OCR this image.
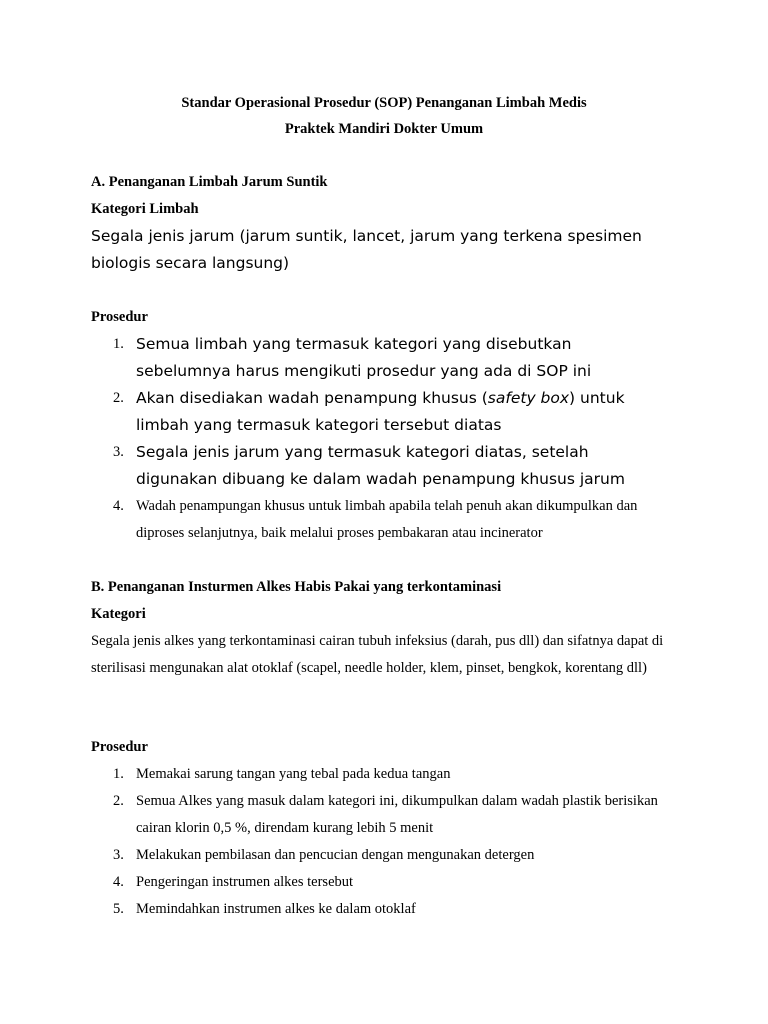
Standar Operasional Prosedur (SOP) Penanganan Limbah Medis
Praktek Mandiri Dokter Umum
A. Penanganan Limbah Jarum Suntik
Kategori Limbah
Segala jenis jarum (jarum suntik, lancet, jarum yang terkena spesimen biologis secara langsung)
Prosedur
1. Semua limbah yang termasuk kategori yang disebutkan sebelumnya harus mengikuti prosedur yang ada di SOP ini
2. Akan disediakan wadah penampung khusus (safety box) untuk limbah yang termasuk kategori tersebut diatas
3. Segala jenis jarum yang termasuk kategori diatas, setelah digunakan dibuang ke dalam wadah penampung khusus jarum
4. Wadah penampungan khusus untuk limbah apabila telah penuh akan dikumpulkan dan diproses selanjutnya, baik melalui proses pembakaran atau incinerator
B. Penanganan Insturmen Alkes Habis Pakai yang terkontaminasi
Kategori
Segala jenis alkes yang terkontaminasi cairan tubuh infeksius (darah, pus dll) dan sifatnya dapat di sterilisasi mengunakan alat otoklaf (scapel, needle holder, klem, pinset, bengkok, korentang dll)
Prosedur
1. Memakai sarung tangan yang tebal pada kedua tangan
2. Semua Alkes yang masuk dalam kategori ini, dikumpulkan dalam wadah plastik berisikan cairan klorin 0,5 %, direndam kurang lebih 5 menit
3. Melakukan pembilasan dan pencucian dengan mengunakan detergen
4. Pengeringan instrumen alkes tersebut
5. Memindahkan instrumen alkes ke dalam otoklaf
